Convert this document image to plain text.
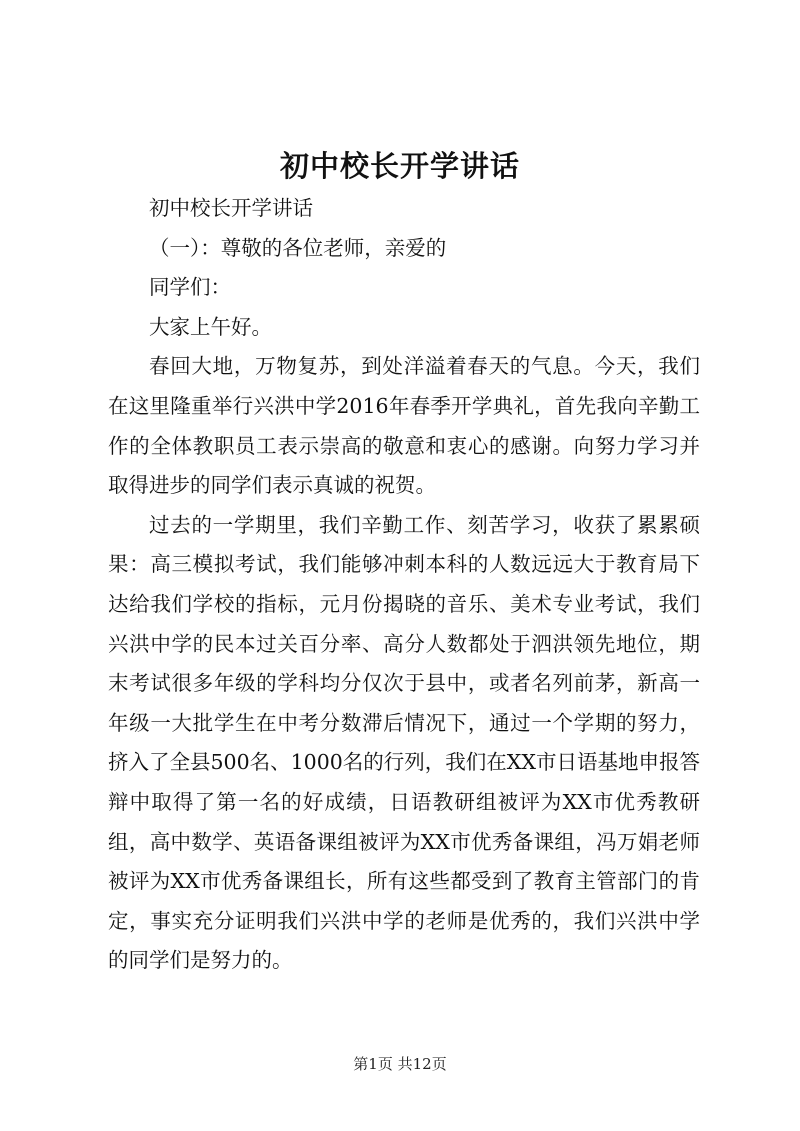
初中校长开学讲话

初中校长开学讲话

（一）：尊敬的各位老师，亲爱的

同学们：

大家上午好。

春回大地，万物复苏，到处洋溢着春天的气息。今天，我们在这里隆重举行兴洪中学2016年春季开学典礼，首先我向辛勤工作的全体教职员工表示崇高的敬意和衷心的感谢。向努力学习并取得进步的同学们表示真诚的祝贺。

过去的一学期里，我们辛勤工作、刻苦学习，收获了累累硕果：高三模拟考试，我们能够冲刺本科的人数远远大于教育局下达给我们学校的指标，元月份揭晓的音乐、美术专业考试，我们兴洪中学的民本过关百分率、高分人数都处于泗洪领先地位，期末考试很多年级的学科均分仅次于县中，或者名列前茅，新高一年级一大批学生在中考分数滞后情况下，通过一个学期的努力，挤入了全县500名、1000名的行列，我们在XX市日语基地申报答辩中取得了第一名的好成绩，日语教研组被评为XX市优秀教研组，高中数学、英语备课组被评为XX市优秀备课组，冯万娟老师被评为XX市优秀备课组长，所有这些都受到了教育主管部门的肯定，事实充分证明我们兴洪中学的老师是优秀的，我们兴洪中学的同学们是努力的。

第1页 共12页
